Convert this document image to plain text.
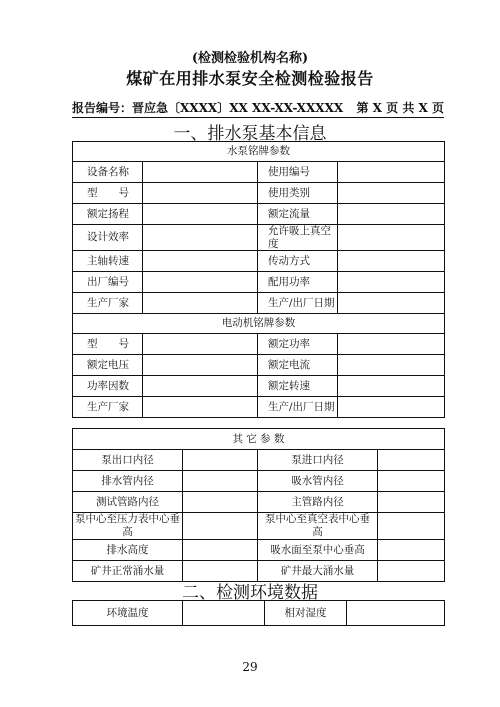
(检测检验机构名称)
煤矿在用排水泵安全检测检验报告
报告编号：晋应急〔XXXX〕XX XX-XX-XXXXX 第 X 页 共 X 页
一、排水泵基本信息
水泵铭牌参数			
设备名称		使用编号	
型　　号		使用类别	
额定扬程		额定流量	
设计效率		允许吸上真空度	
主轴转速		传动方式	
出厂编号		配用功率	
生产厂家		生产/出厂日期	
电动机铭牌参数			
型　　号		额定功率	
额定电压		额定电流	
功率因数		额定转速	
生产厂家		生产/出厂日期	
其 它 参 数			
泵出口内径		泵进口内径	
排水管内径		吸水管内径	
测试管路内径		主管路内径	
泵中心至压力表中心垂高		泵中心至真空表中心垂高	
排水高度		吸水面至泵中心垂高	
矿井正常涌水量		矿井最大涌水量	
二、检测环境数据
环境温度		相对湿度	
29
